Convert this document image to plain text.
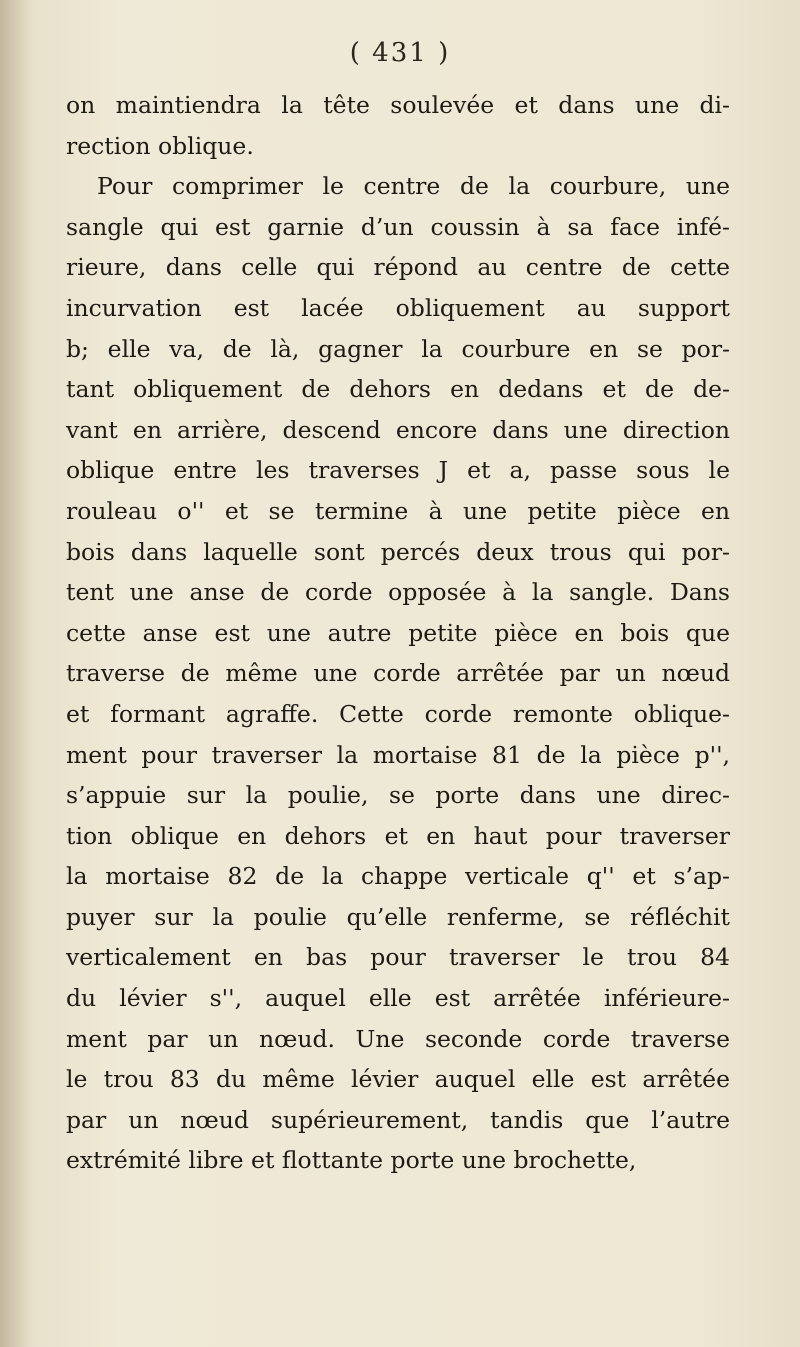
( 431 )
on maintiendra la tête soulevée et dans une di-
rection oblique.
Pour comprimer le centre de la courbure, une
sangle qui est garnie d’un coussin à sa face infé-
rieure, dans celle qui répond au centre de cette
incurvation est lacée obliquement au support
b; elle va, de là, gagner la courbure en se por-
tant obliquement de dehors en dedans et de de-
vant en arrière, descend encore dans une direction
oblique entre les traverses J et a, passe sous le
rouleau o'' et se termine à une petite pièce en
bois dans laquelle sont percés deux trous qui por-
tent une anse de corde opposée à la sangle. Dans
cette anse est une autre petite pièce en bois que
traverse de même une corde arrêtée par un nœud
et formant agraffe. Cette corde remonte oblique-
ment pour traverser la mortaise 81 de la pièce p'',
s’appuie sur la poulie, se porte dans une direc-
tion oblique en dehors et en haut pour traverser
la mortaise 82 de la chappe verticale q'' et s’ap-
puyer sur la poulie qu’elle renferme, se réfléchit
verticalement en bas pour traverser le trou 84
du lévier s'', auquel elle est arrêtée inférieure-
ment par un nœud. Une seconde corde traverse
le trou 83 du même lévier auquel elle est arrêtée
par un nœud supérieurement, tandis que l’autre
extrémité libre et flottante porte une brochette,
